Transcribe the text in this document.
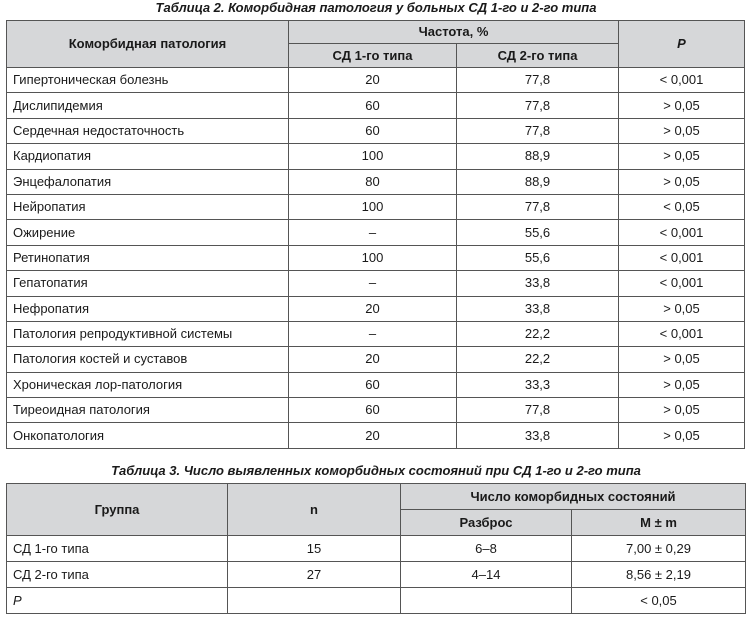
Таблица 2. Коморбидная патология у больных СД 1-го и 2-го типа
Коморбидная патология	Частота, %		P
	СД 1-го типа	СД 2-го типа	
Гипертоническая болезнь	20	77,8	< 0,001
Дислипидемия	60	77,8	> 0,05
Сердечная недостаточность	60	77,8	> 0,05
Кардиопатия	100	88,9	> 0,05
Энцефалопатия	80	88,9	> 0,05
Нейропатия	100	77,8	< 0,05
Ожирение	–	55,6	< 0,001
Ретинопатия	100	55,6	< 0,001
Гепатопатия	–	33,8	< 0,001
Нефропатия	20	33,8	> 0,05
Патология репродуктивной системы	–	22,2	< 0,001
Патология костей и суставов	20	22,2	> 0,05
Хроническая лор-патология	60	33,3	> 0,05
Тиреоидная патология	60	77,8	> 0,05
Онкопатология	20	33,8	> 0,05
Таблица 3. Число выявленных коморбидных состояний при СД 1-го и 2-го типа
Группа	n	Число коморбидных состояний	
		Разброс	M ± m
СД 1-го типа	15	6–8	7,00 ± 0,29
СД 2-го типа	27	4–14	8,56 ± 2,19
P			< 0,05
